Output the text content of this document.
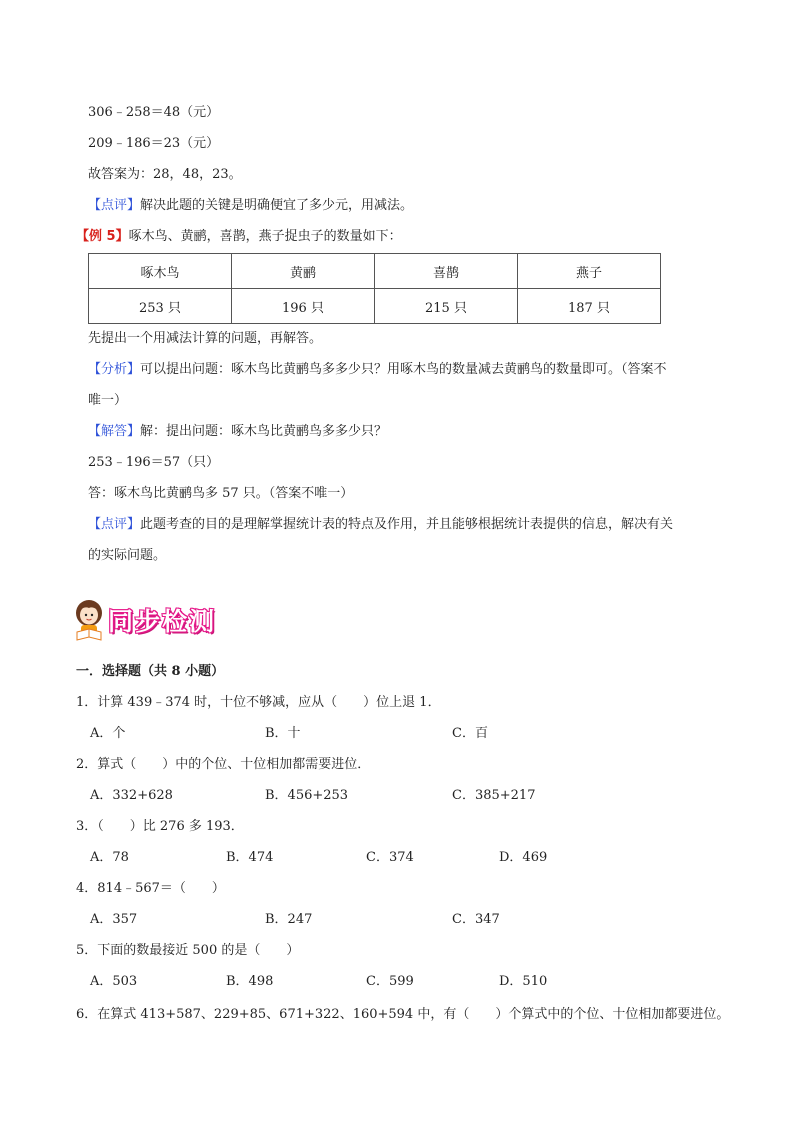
306﹣258＝48（元）
209﹣186＝23（元）
故答案为：28，48，23。
【点评】解决此题的关键是明确便宜了多少元，用减法。
【例 5】啄木鸟、黄鹂，喜鹊，燕子捉虫子的数量如下：
啄木鸟	黄鹂	喜鹊	燕子
253 只	196 只	215 只	187 只
先提出一个用减法计算的问题，再解答。
【分析】可以提出问题：啄木鸟比黄鹂鸟多多少只？用啄木鸟的数量减去黄鹂鸟的数量即可。（答案不
唯一）
【解答】解：提出问题：啄木鸟比黄鹂鸟多多少只？
253﹣196＝57（只）
答：啄木鸟比黄鹂鸟多 57 只。（答案不唯一）
【点评】此题考查的目的是理解掌握统计表的特点及作用，并且能够根据统计表提供的信息，解决有关
的实际问题。
同步检测
一．选择题（共 8 小题）
1．计算 439﹣374 时，十位不够减，应从（　　）位上退 1．
A．个	B．十	C．百
2．算式（　　）中的个位、十位相加都需要进位．
A．332+628	B．456+253	C．385+217
3．（　　）比 276 多 193．
A．78	B．474	C．374	D．469
4．814﹣567＝（　　）
A．357	B．247	C．347
5．下面的数最接近 500 的是（　　）
A．503	B．498	C．599	D．510
6．在算式 413+587、229+85、671+322、160+594 中，有（　　）个算式中的个位、十位相加都要进位。
